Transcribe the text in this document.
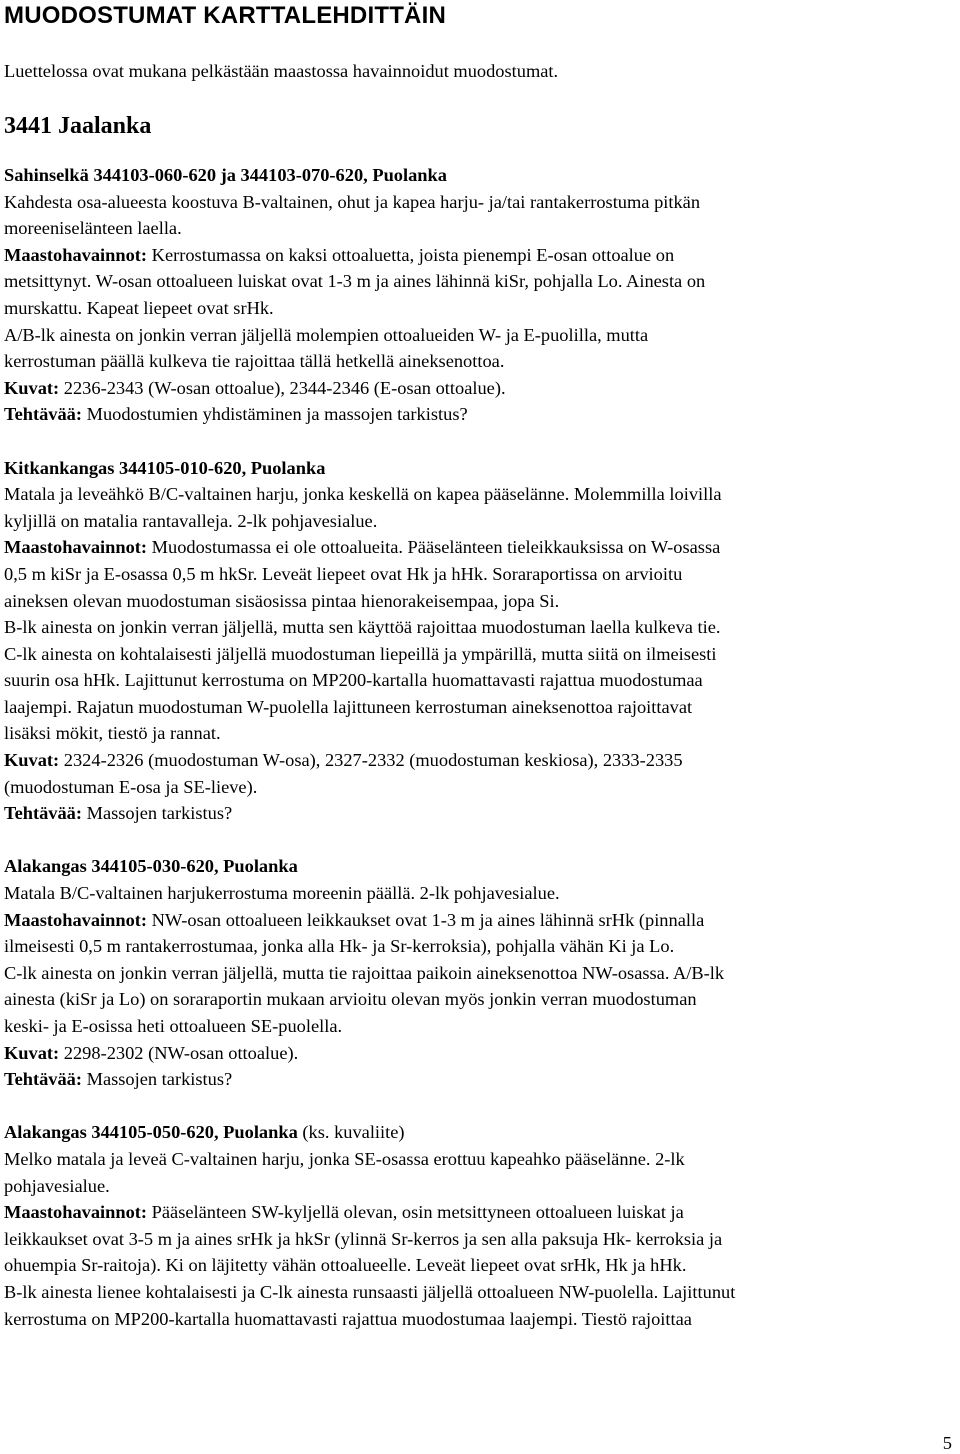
MUODOSTUMAT KARTTALEHDITTÄIN
Luettelossa ovat mukana pelkästään maastossa havainnoidut muodostumat.
3441 Jaalanka
Sahinselkä 344103-060-620 ja 344103-070-620, Puolanka
Kahdesta osa-alueesta koostuva B-valtainen, ohut ja kapea harju- ja/tai rantakerrostuma pitkän
moreeniselänteen laella.
Maastohavainnot: Kerrostumassa on kaksi ottoaluetta, joista pienempi E-osan ottoalue on
metsittynyt. W-osan ottoalueen luiskat ovat 1-3 m ja aines lähinnä kiSr, pohjalla Lo. Ainesta on
murskattu. Kapeat liepeet ovat srHk.
A/B-lk ainesta on jonkin verran jäljellä molempien ottoalueiden W- ja E-puolilla, mutta
kerrostuman päällä kulkeva tie rajoittaa tällä hetkellä aineksenottoa.
Kuvat: 2236-2343 (W-osan ottoalue), 2344-2346 (E-osan ottoalue).
Tehtävää: Muodostumien yhdistäminen ja massojen tarkistus?
Kitkankangas 344105-010-620, Puolanka
Matala ja leveähkö B/C-valtainen harju, jonka keskellä on kapea pääselänne. Molemmilla loivilla
kyljillä on matalia rantavalleja. 2-lk pohjavesialue.
Maastohavainnot: Muodostumassa ei ole ottoalueita. Pääselänteen tieleikkauksissa on W-osassa
0,5 m kiSr ja E-osassa 0,5 m hkSr. Leveät liepeet ovat Hk ja hHk. Soraraportissa on arvioitu
aineksen olevan muodostuman sisäosissa pintaa hienorakeisempaa, jopa Si.
B-lk ainesta on jonkin verran jäljellä, mutta sen käyttöä rajoittaa muodostuman laella kulkeva tie.
C-lk ainesta on kohtalaisesti jäljellä muodostuman liepeillä ja ympärillä, mutta siitä on ilmeisesti
suurin osa hHk. Lajittunut kerrostuma on MP200-kartalla huomattavasti rajattua muodostumaa
laajempi. Rajatun muodostuman W-puolella lajittuneen kerrostuman aineksenottoa rajoittavat
lisäksi mökit, tiestö ja rannat.
Kuvat: 2324-2326 (muodostuman W-osa), 2327-2332 (muodostuman keskiosa), 2333-2335
(muodostuman E-osa ja SE-lieve).
Tehtävää: Massojen tarkistus?
Alakangas 344105-030-620, Puolanka
Matala B/C-valtainen harjukerrostuma moreenin päällä. 2-lk pohjavesialue.
Maastohavainnot: NW-osan ottoalueen leikkaukset ovat 1-3 m ja aines lähinnä srHk (pinnalla
ilmeisesti 0,5 m rantakerrostumaa, jonka alla Hk- ja Sr-kerroksia), pohjalla vähän Ki ja Lo.
C-lk ainesta on jonkin verran jäljellä, mutta tie rajoittaa paikoin aineksenottoa NW-osassa. A/B-lk
ainesta (kiSr ja Lo) on soraraportin mukaan arvioitu olevan myös jonkin verran muodostuman
keski- ja E-osissa heti ottoalueen SE-puolella.
Kuvat: 2298-2302 (NW-osan ottoalue).
Tehtävää: Massojen tarkistus?
Alakangas 344105-050-620, Puolanka (ks. kuvaliite)
Melko matala ja leveä C-valtainen harju, jonka SE-osassa erottuu kapeahko pääselänne. 2-lk
pohjavesialue.
Maastohavainnot: Pääselänteen SW-kyljellä olevan, osin metsittyneen ottoalueen luiskat ja
leikkaukset ovat 3-5 m ja aines srHk ja hkSr (ylinnä Sr-kerros ja sen alla paksuja Hk- kerroksia ja
ohuempia Sr-raitoja). Ki on läjitetty vähän ottoalueelle. Leveät liepeet ovat srHk, Hk ja hHk.
B-lk ainesta lienee kohtalaisesti ja C-lk ainesta runsaasti jäljellä ottoalueen NW-puolella. Lajittunut
kerrostuma on MP200-kartalla huomattavasti rajattua muodostumaa laajempi. Tiestö rajoittaa
5
